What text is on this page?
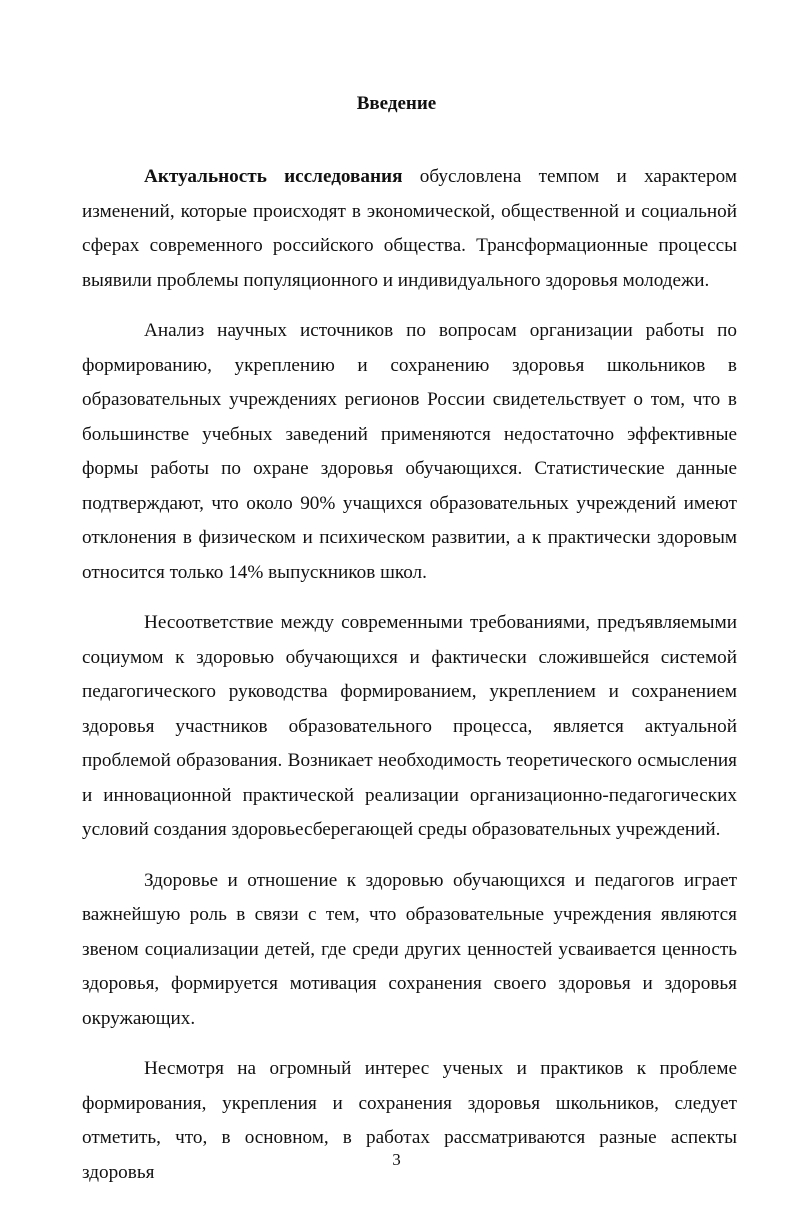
Введение

Актуальность исследования обусловлена темпом и характером изменений, которые происходят в экономической, общественной и социальной сферах современного российского общества. Трансформационные процессы выявили проблемы популяционного и индивидуального здоровья молодежи.

Анализ научных источников по вопросам организации работы по формированию, укреплению и сохранению здоровья школьников в образовательных учреждениях регионов России свидетельствует о том, что в большинстве учебных заведений применяются недостаточно эффективные формы работы по охране здоровья обучающихся. Статистические данные подтверждают, что около 90% учащихся образовательных учреждений имеют отклонения в физическом и психическом развитии, а к практически здоровым относится только 14% выпускников школ.

Несоответствие между современными требованиями, предъявляемыми социумом к здоровью обучающихся и фактически сложившейся системой педагогического руководства формированием, укреплением и сохранением здоровья участников образовательного процесса, является актуальной проблемой образования. Возникает необходимость теоретического осмысления и инновационной практической реализации организационно-педагогических условий создания здоровьесберегающей среды образовательных учреждений.

Здоровье и отношение к здоровью обучающихся и педагогов играет важнейшую роль в связи с тем, что образовательные учреждения являются звеном социализации детей, где среди других ценностей усваивается ценность здоровья, формируется мотивация сохранения своего здоровья и здоровья окружающих.

Несмотря на огромный интерес ученых и практиков к проблеме формирования, укрепления и сохранения здоровья школьников, следует отметить, что, в основном, в работах рассматриваются разные аспекты здоровья

3
